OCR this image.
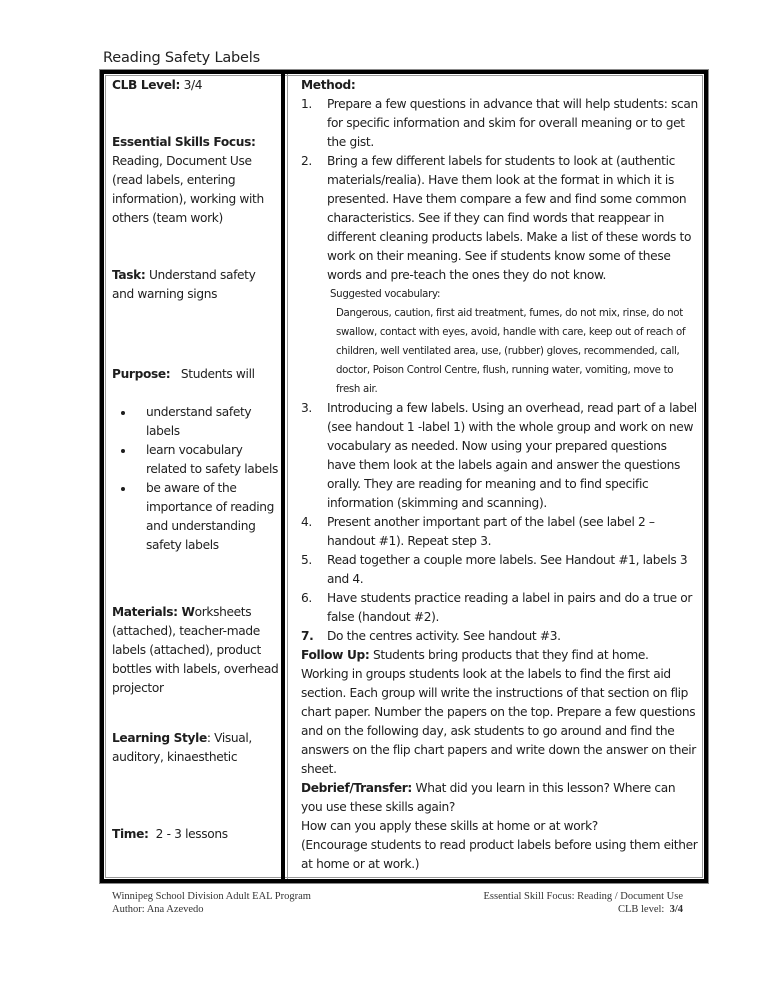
Reading Safety Labels
CLB Level: 3/4
Essential Skills Focus:
Reading, Document Use (read labels, entering information), working with others (team work)
Task: Understand safety and warning signs
Purpose:   Students will
understand safety labels
learn vocabulary related to safety labels
be aware of the importance of reading and understanding safety labels
Materials: Worksheets (attached), teacher-made labels (attached), product bottles with labels, overhead projector
Learning Style: Visual, auditory, kinaesthetic
Time:  2 - 3 lessons
Method:
1. Prepare a few questions in advance that will help students: scan for specific information and skim for overall meaning or to get the gist.
2. Bring a few different labels for students to look at (authentic materials/realia). Have them look at the format in which it is presented. Have them compare a few and find some common characteristics. See if they can find words that reappear in different cleaning products labels. Make a list of these words to work on their meaning. See if students know some of these words and pre-teach the ones they do not know.
Suggested vocabulary:
Dangerous, caution, first aid treatment, fumes, do not mix, rinse, do not swallow, contact with eyes, avoid, handle with care, keep out of reach of children, well ventilated area, use, (rubber) gloves, recommended, call, doctor, Poison Control Centre, flush, running water, vomiting, move to fresh air.
3. Introducing a few labels. Using an overhead, read part of a label (see handout 1 -label 1) with the whole group and work on new vocabulary as needed. Now using your prepared questions have them look at the labels again and answer the questions orally. They are reading for meaning and to find specific information (skimming and scanning).
4. Present another important part of the label (see label 2 – handout #1). Repeat step 3.
5. Read together a couple more labels. See Handout #1, labels 3 and 4.
6. Have students practice reading a label in pairs and do a true or false (handout #2).
7. Do the centres activity. See handout #3.
Follow Up: Students bring products that they find at home. Working in groups students look at the labels to find the first aid section. Each group will write the instructions of that section on flip chart paper. Number the papers on the top. Prepare a few questions and on the following day, ask students to go around and find the answers on the flip chart papers and write down the answer on their sheet.
Debrief/Transfer: What did you learn in this lesson? Where can you use these skills again?
How can you apply these skills at home or at work?
(Encourage students to read product labels before using them either at home or at work.)
Winnipeg School Division Adult EAL Program
Author: Ana Azevedo
Essential Skill Focus: Reading / Document Use
CLB level:  3/4
